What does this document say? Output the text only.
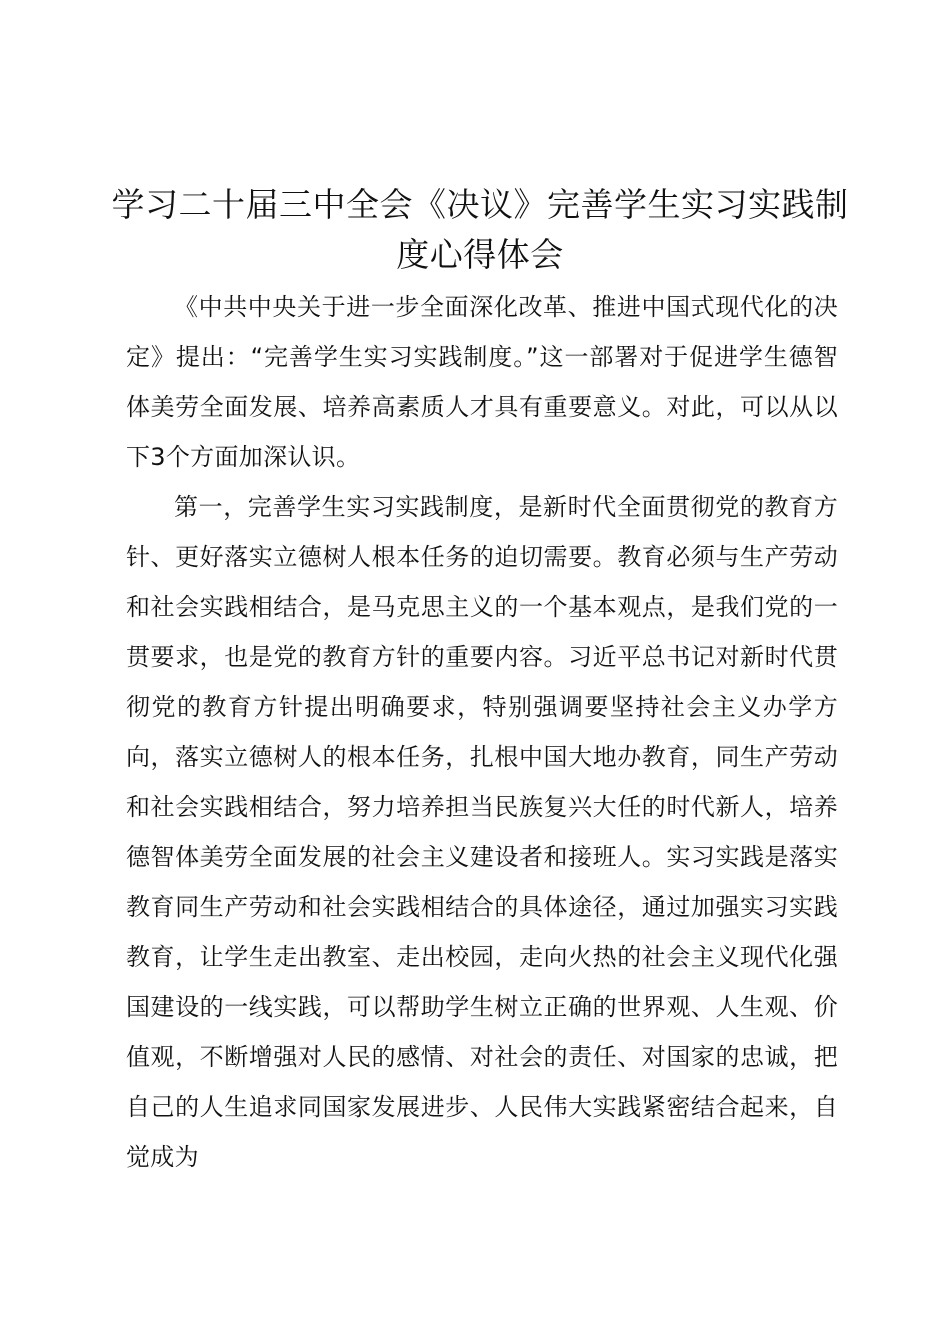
学习二十届三中全会《决议》完善学生实习实践制度心得体会

《中共中央关于进一步全面深化改革、推进中国式现代化的决定》提出：“完善学生实习实践制度。”这一部署对于促进学生德智体美劳全面发展、培养高素质人才具有重要意义。对此，可以从以下3个方面加深认识。

第一，完善学生实习实践制度，是新时代全面贯彻党的教育方针、更好落实立德树人根本任务的迫切需要。教育必须与生产劳动和社会实践相结合，是马克思主义的一个基本观点，是我们党的一贯要求，也是党的教育方针的重要内容。习近平总书记对新时代贯彻党的教育方针提出明确要求，特别强调要坚持社会主义办学方向，落实立德树人的根本任务，扎根中国大地办教育，同生产劳动和社会实践相结合，努力培养担当民族复兴大任的时代新人，培养德智体美劳全面发展的社会主义建设者和接班人。实习实践是落实教育同生产劳动和社会实践相结合的具体途径，通过加强实习实践教育，让学生走出教室、走出校园，走向火热的社会主义现代化强国建设的一线实践，可以帮助学生树立正确的世界观、人生观、价值观，不断增强对人民的感情、对社会的责任、对国家的忠诚，把自己的人生追求同国家发展进步、人民伟大实践紧密结合起来，自觉成为
